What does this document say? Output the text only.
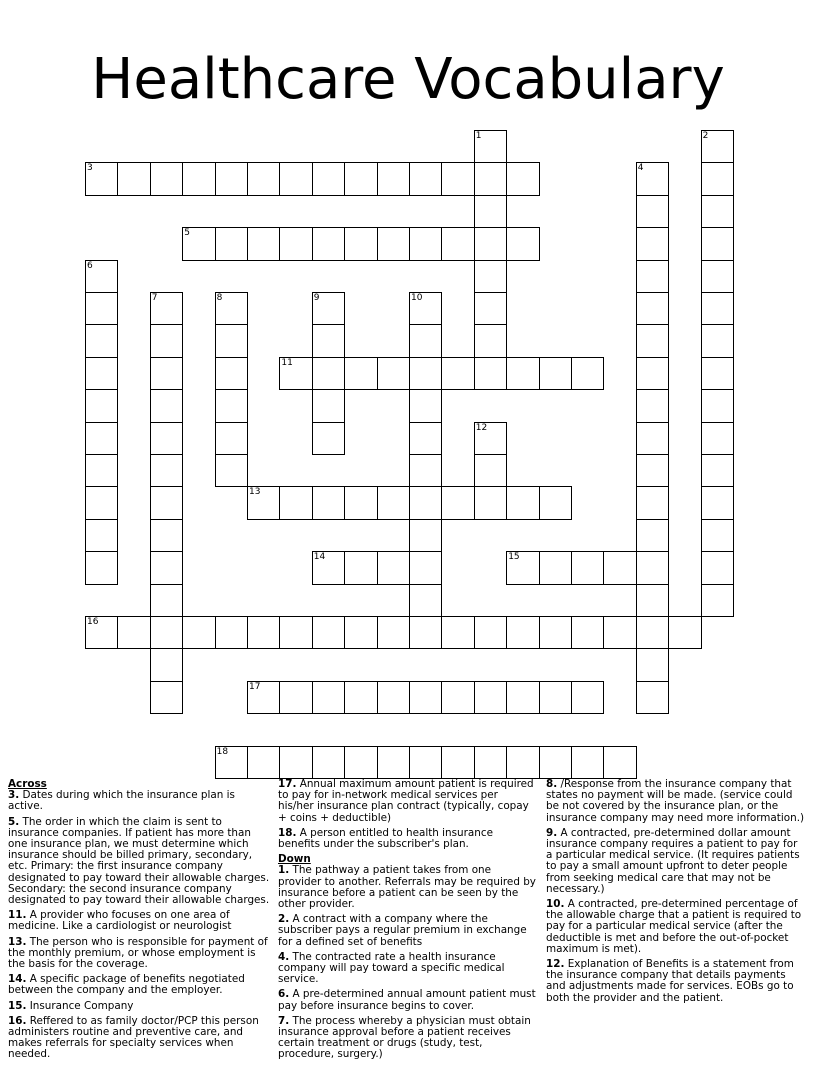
Healthcare Vocabulary
1	2
3	4
5
6
7	8	9	10
11
12
13
14	15
16
17
18
Across
3. Dates during which the insurance plan is active.
5. The order in which the claim is sent to insurance companies. If patient has more than one insurance plan, we must determine which insurance should be billed primary, secondary, etc. Primary: the first insurance company designated to pay toward their allowable charges. Secondary: the second insurance company designated to pay toward their allowable charges.
11. A provider who focuses on one area of medicine. Like a cardiologist or neurologist
13. The person who is responsible for payment of the monthly premium, or whose employment is the basis for the coverage.
14. A specific package of benefits negotiated between the company and the employer.
15. Insurance Company
16. Reffered to as family doctor/PCP this person administers routine and preventive care, and makes referrals for specialty services when needed.
17. Annual maximum amount patient is required to pay for in-network medical services per his/her insurance plan contract (typically, copay + coins + deductible)
18. A person entitled to health insurance benefits under the subscriber's plan.
Down
1. The pathway a patient takes from one provider to another. Referrals may be required by insurance before a patient can be seen by the other provider.
2. A contract with a company where the subscriber pays a regular premium in exchange for a defined set of benefits
4. The contracted rate a health insurance company will pay toward a specific medical service.
6. A pre-determined annual amount patient must pay before insurance begins to cover.
7. The process whereby a physician must obtain insurance approval before a patient receives certain treatment or drugs (study, test, procedure, surgery.)
8. /Response from the insurance company that states no payment will be made. (service could be not covered by the insurance plan, or the insurance company may need more information.)
9. A contracted, pre-determined dollar amount insurance company requires a patient to pay for a particular medical service. (It requires patients to pay a small amount upfront to deter people from seeking medical care that may not be necessary.)
10. A contracted, pre-determined percentage of the allowable charge that a patient is required to pay for a particular medical service (after the deductible is met and before the out-of-pocket maximum is met).
12. Explanation of Benefits is a statement from the insurance company that details payments and adjustments made for services. EOBs go to both the provider and the patient.
